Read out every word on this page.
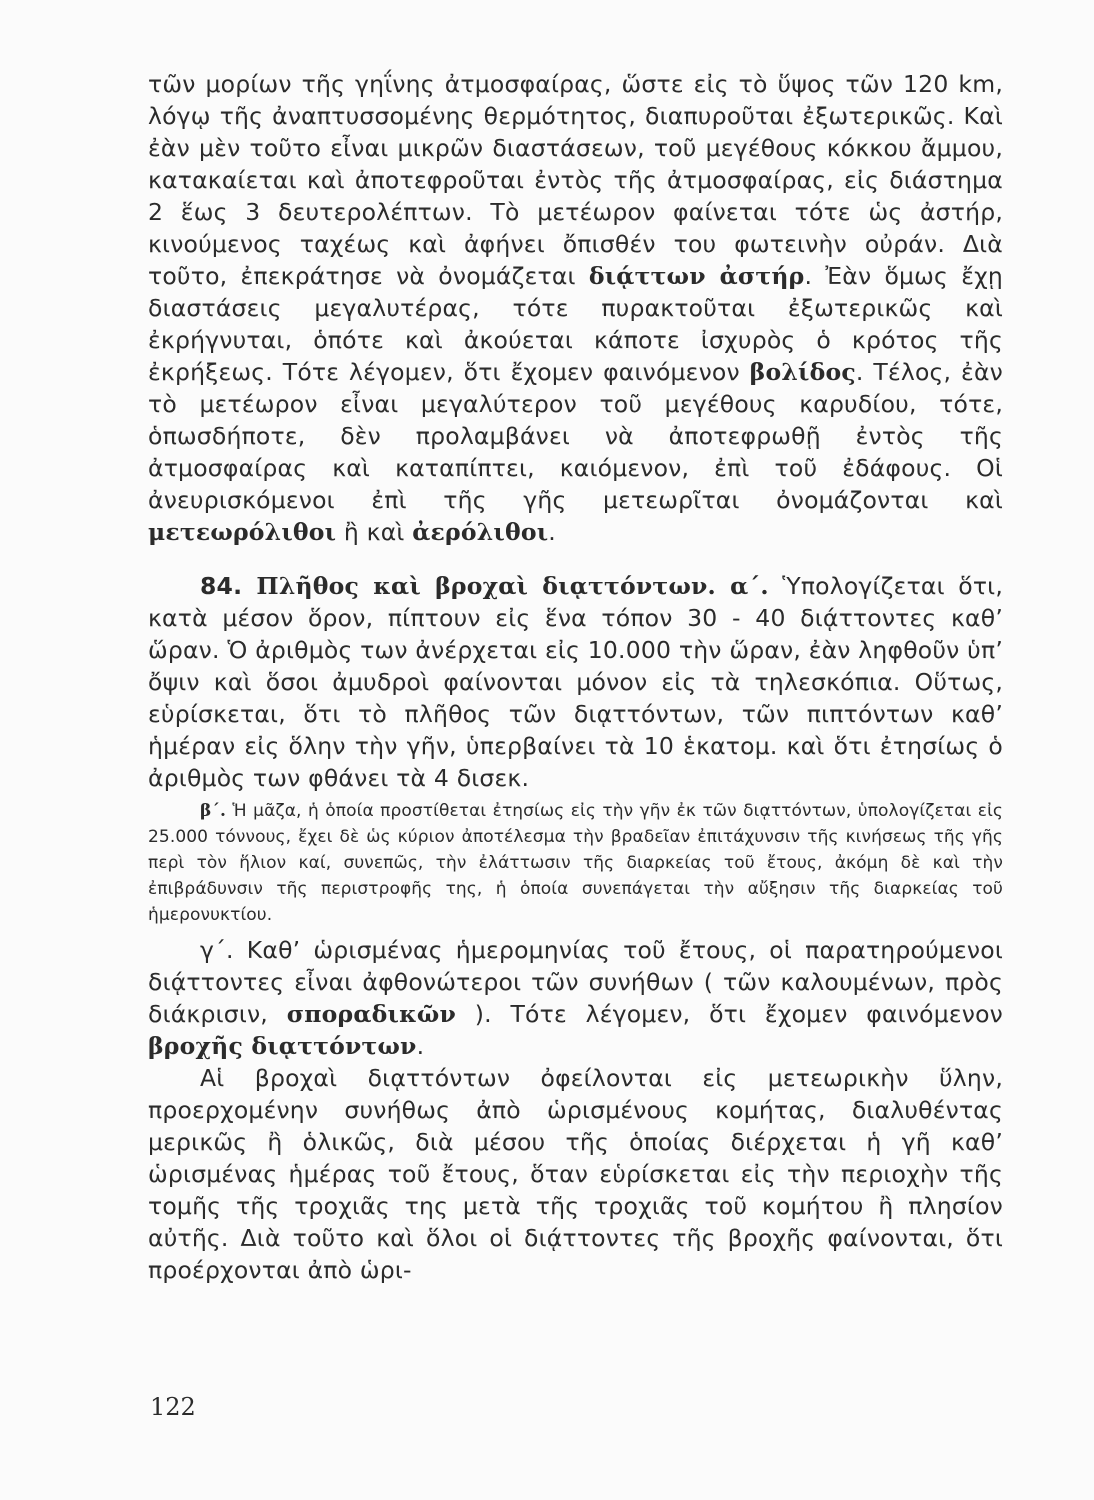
τῶν μορίων τῆς γηΐνης ἀτμοσφαίρας, ὥστε εἰς τὸ ὕψος τῶν 120 km, λόγῳ τῆς ἀναπτυσσομένης θερμότητος, διαπυροῦται ἐξωτερικῶς. Καὶ ἐὰν μὲν τοῦτο εἶναι μικρῶν διαστάσεων, τοῦ μεγέθους κόκκου ἄμμου, κατακαίεται καὶ ἀποτεφροῦται ἐντὸς τῆς ἀτμοσφαίρας, εἰς διάστημα 2 ἕως 3 δευτερολέπτων. Τὸ μετέωρον φαίνεται τότε ὡς ἀστήρ, κινούμενος ταχέως καὶ ἀφήνει ὄπισθέν του φωτεινὴν οὐράν. Διὰ τοῦτο, ἐπεκράτησε νὰ ὀνομάζεται διᾴττων ἀστήρ. Ἐὰν ὅμως ἔχῃ διαστάσεις μεγαλυτέρας, τότε πυρακτοῦται ἐξωτερικῶς καὶ ἐκρήγνυται, ὁπότε καὶ ἀκούεται κάποτε ἰσχυρὸς ὁ κρότος τῆς ἐκρήξεως. Τότε λέγομεν, ὅτι ἔχομεν φαινόμενον βολίδος. Τέλος, ἐὰν τὸ μετέωρον εἶναι μεγαλύτερον τοῦ μεγέθους καρυδίου, τότε, ὁπωσδήποτε, δὲν προλαμβάνει νὰ ἀποτεφρωθῇ ἐντὸς τῆς ἀτμοσφαίρας καὶ καταπίπτει, καιόμενον, ἐπὶ τοῦ ἐδάφους. Οἱ ἀνευρισκόμενοι ἐπὶ τῆς γῆς μετεωρῖται ὀνομάζονται καὶ μετεωρόλιθοι ἢ καὶ ἀερόλιθοι.

84. Πλῆθος καὶ βροχαὶ διᾳττόντων. α΄. Ὑπολογίζεται ὅτι, κατὰ μέσον ὅρον, πίπτουν εἰς ἕνα τόπον 30 - 40 διᾴττοντες καθ’ ὥραν. Ὁ ἀριθμὸς των ἀνέρχεται εἰς 10.000 τὴν ὥραν, ἐὰν ληφθοῦν ὑπ’ ὄψιν καὶ ὅσοι ἀμυδροὶ φαίνονται μόνον εἰς τὰ τηλεσκόπια. Οὕτως, εὑρίσκεται, ὅτι τὸ πλῆθος τῶν διᾳττόντων, τῶν πιπτόντων καθ’ ἡμέραν εἰς ὅλην τὴν γῆν, ὑπερβαίνει τὰ 10 ἑκατομ. καὶ ὅτι ἐτησίως ὁ ἀριθμὸς των φθάνει τὰ 4 δισεκ.

β΄. Ἡ μᾶζα, ἡ ὁποία προστίθεται ἐτησίως εἰς τὴν γῆν ἐκ τῶν διᾳττόντων, ὑπολογίζεται εἰς 25.000 τόννους, ἔχει δὲ ὡς κύριον ἀποτέλεσμα τὴν βραδεῖαν ἐπιτάχυνσιν τῆς κινήσεως τῆς γῆς περὶ τὸν ἥλιον καί, συνεπῶς, τὴν ἐλάττωσιν τῆς διαρκείας τοῦ ἔτους, ἀκόμη δὲ καὶ τὴν ἐπιβράδυνσιν τῆς περιστροφῆς της, ἡ ὁποία συνεπάγεται τὴν αὔξησιν τῆς διαρκείας τοῦ ἡμερονυκτίου.

γ΄. Καθ’ ὡρισμένας ἡμερομηνίας τοῦ ἔτους, οἱ παρατηρούμενοι διᾴττοντες εἶναι ἀφθονώτεροι τῶν συνήθων ( τῶν καλουμένων, πρὸς διάκρισιν, σποραδικῶν ). Τότε λέγομεν, ὅτι ἔχομεν φαινόμενον βροχῆς διᾳττόντων.

Αἱ βροχαὶ διᾳττόντων ὀφείλονται εἰς μετεωρικὴν ὕλην, προερχομένην συνήθως ἀπὸ ὡρισμένους κομήτας, διαλυθέντας μερικῶς ἢ ὁλικῶς, διὰ μέσου τῆς ὁποίας διέρχεται ἡ γῆ καθ’ ὡρισμένας ἡμέρας τοῦ ἔτους, ὅταν εὑρίσκεται εἰς τὴν περιοχὴν τῆς τομῆς τῆς τροχιᾶς της μετὰ τῆς τροχιᾶς τοῦ κομήτου ἢ πλησίον αὐτῆς. Διὰ τοῦτο καὶ ὅλοι οἱ διᾴττοντες τῆς βροχῆς φαίνονται, ὅτι προέρχονται ἀπὸ ὡρι-

122
